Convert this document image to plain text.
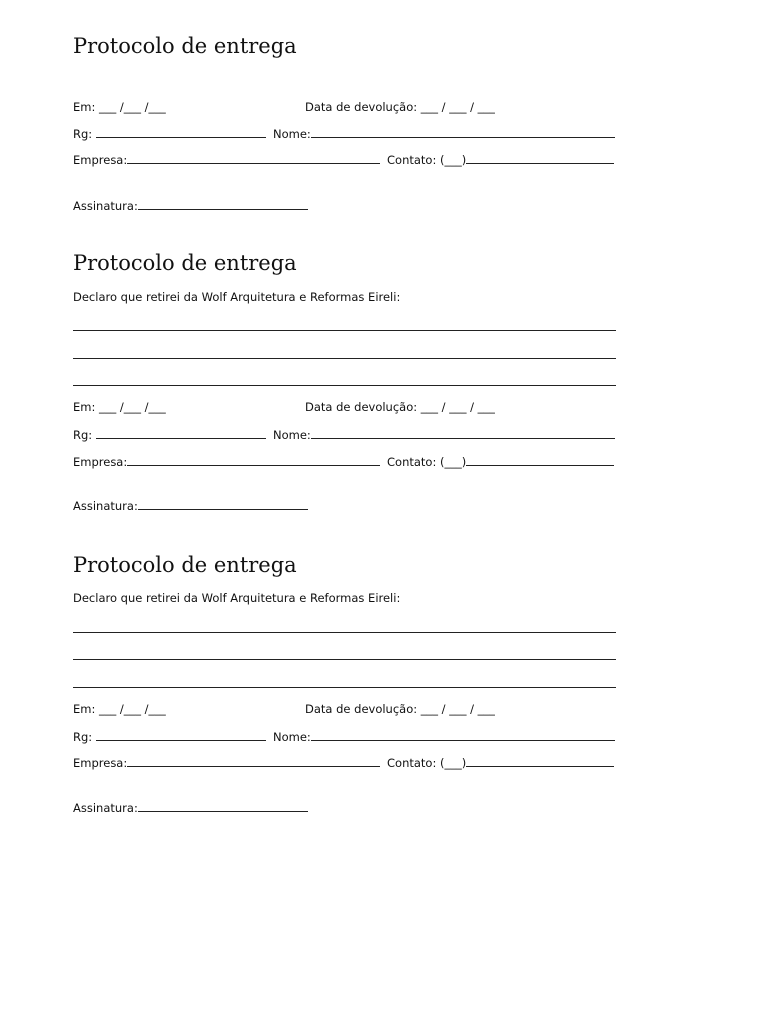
Protocolo de entrega
Em: ___ /___ /___	Data de devolução: ___ / ___ / ___
Rg:	Nome:
Empresa:	Contato: (___)
Assinatura:
Protocolo de entrega
Declaro que retirei da Wolf Arquitetura e Reformas Eireli:
Em: ___ /___ /___	Data de devolução: ___ / ___ / ___
Rg:	Nome:
Empresa:	Contato: (___)
Assinatura:
Protocolo de entrega
Declaro que retirei da Wolf Arquitetura e Reformas Eireli:
Em: ___ /___ /___	Data de devolução: ___ / ___ / ___
Rg:	Nome:
Empresa:	Contato: (___)
Assinatura:
